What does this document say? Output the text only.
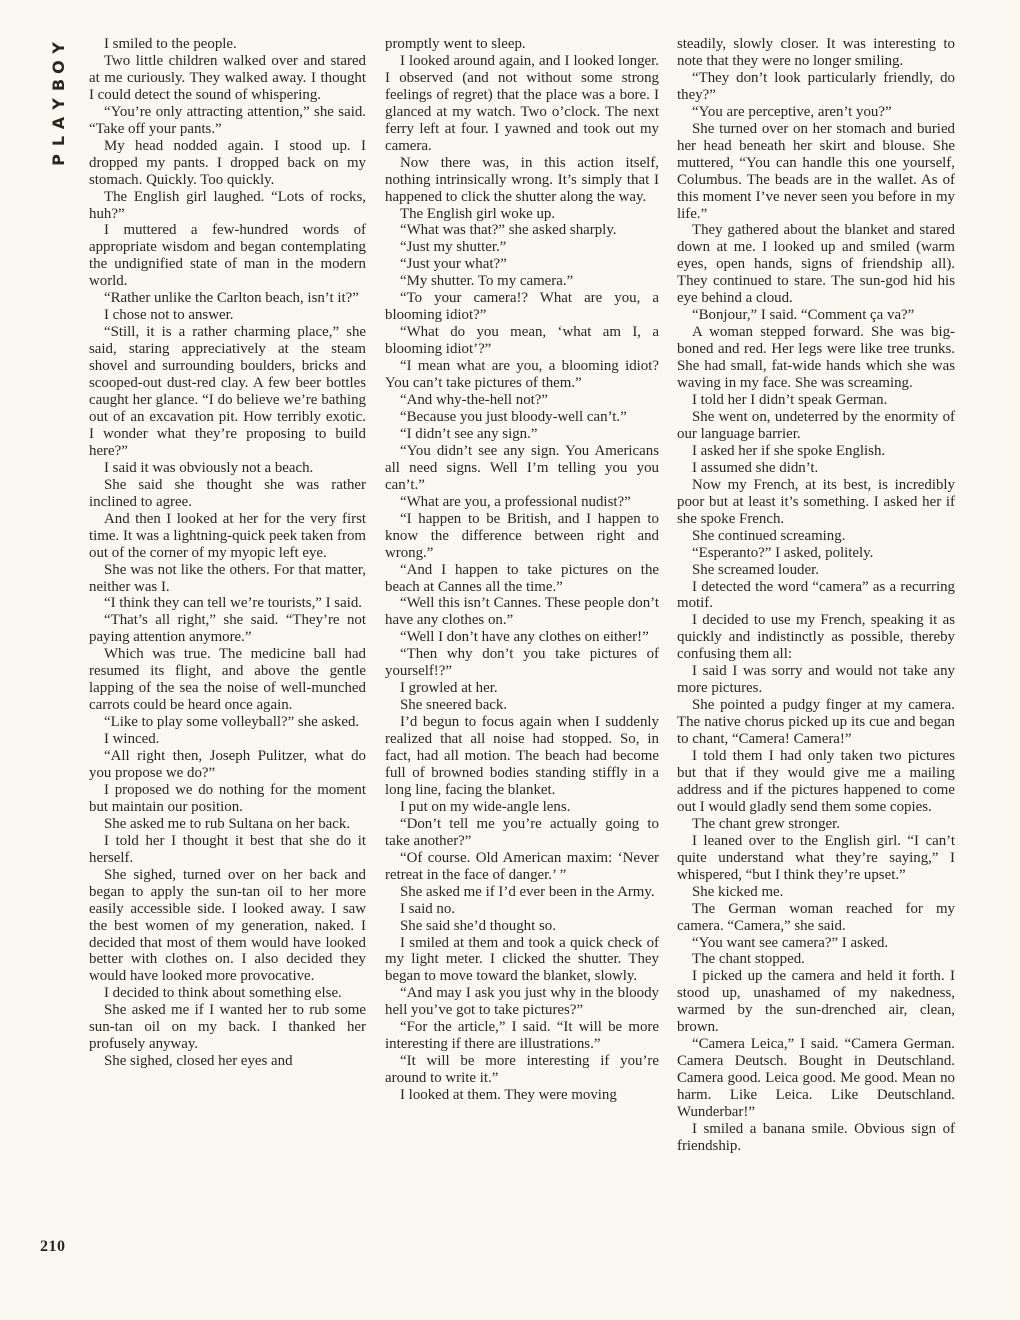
P
L
A
Y
B
O
Y	I smiled to the people.

Two little children walked over and stared at me curiously. They walked away. I thought I could detect the sound of whispering.

“You’re only attracting attention,” she said. “Take off your pants.”

My head nodded again. I stood up. I dropped my pants. I dropped back on my stomach. Quickly. Too quickly.

The English girl laughed. “Lots of rocks, huh?”

I muttered a few-hundred words of appropriate wisdom and began contemplating the undignified state of man in the modern world.

“Rather unlike the Carlton beach, isn’t it?”

I chose not to answer.

“Still, it is a rather charming place,” she said, staring appreciatively at the steam shovel and surrounding boulders, bricks and scooped-out dust-red clay. A few beer bottles caught her glance. “I do believe we’re bathing out of an excavation pit. How terribly exotic. I wonder what they’re proposing to build here?”

I said it was obviously not a beach.

She said she thought she was rather inclined to agree.

And then I looked at her for the very first time. It was a lightning-quick peek taken from out of the corner of my myopic left eye.

She was not like the others. For that matter, neither was I.

“I think they can tell we’re tourists,” I said.

“That’s all right,” she said. “They’re not paying attention anymore.”

Which was true. The medicine ball had resumed its flight, and above the gentle lapping of the sea the noise of well-munched carrots could be heard once again.

“Like to play some volleyball?” she asked.

I winced.

“All right then, Joseph Pulitzer, what do you propose we do?”

I proposed we do nothing for the moment but maintain our position.

She asked me to rub Sultana on her back.

I told her I thought it best that she do it herself.

She sighed, turned over on her back and began to apply the sun-tan oil to her more easily accessible side. I looked away. I saw the best women of my generation, naked. I decided that most of them would have looked better with clothes on. I also decided they would have looked more provocative.

I decided to think about something else.

She asked me if I wanted her to rub some sun-tan oil on my back. I thanked her profusely anyway.

She sighed, closed her eyes and

promptly went to sleep.

I looked around again, and I looked longer. I observed (and not without some strong feelings of regret) that the place was a bore. I glanced at my watch. Two o’clock. The next ferry left at four. I yawned and took out my camera.

Now there was, in this action itself, nothing intrinsically wrong. It’s simply that I happened to click the shutter along the way.

The English girl woke up.

“What was that?” she asked sharply.

“Just my shutter.”

“Just your what?”

“My shutter. To my camera.”

“To your camera!? What are you, a blooming idiot?”

“What do you mean, ‘what am I, a blooming idiot’?”

“I mean what are you, a blooming idiot? You can’t take pictures of them.”

“And why-the-hell not?”

“Because you just bloody-well can’t.”

“I didn’t see any sign.”

“You didn’t see any sign. You Americans all need signs. Well I’m telling you you can’t.”

“What are you, a professional nudist?”

“I happen to be British, and I happen to know the difference between right and wrong.”

“And I happen to take pictures on the beach at Cannes all the time.”

“Well this isn’t Cannes. These people don’t have any clothes on.”

“Well I don’t have any clothes on either!”

“Then why don’t you take pictures of yourself!?”

I growled at her.

She sneered back.

I’d begun to focus again when I suddenly realized that all noise had stopped. So, in fact, had all motion. The beach had become full of browned bodies standing stiffly in a long line, facing the blanket.

I put on my wide-angle lens.

“Don’t tell me you’re actually going to take another?”

“Of course. Old American maxim: ‘Never retreat in the face of danger.’ ”

She asked me if I’d ever been in the Army.

I said no.

She said she’d thought so.

I smiled at them and took a quick check of my light meter. I clicked the shutter. They began to move toward the blanket, slowly.

“And may I ask you just why in the bloody hell you’ve got to take pictures?”

“For the article,” I said. “It will be more interesting if there are illustrations.”

“It will be more interesting if you’re around to write it.”

I looked at them. They were moving

steadily, slowly closer. It was interesting to note that they were no longer smiling.

“They don’t look particularly friendly, do they?”

“You are perceptive, aren’t you?”

She turned over on her stomach and buried her head beneath her skirt and blouse. She muttered, “You can handle this one yourself, Columbus. The beads are in the wallet. As of this moment I’ve never seen you before in my life.”

They gathered about the blanket and stared down at me. I looked up and smiled (warm eyes, open hands, signs of friendship all). They continued to stare. The sun-god hid his eye behind a cloud.

“Bonjour,” I said. “Comment ça va?”

A woman stepped forward. She was big-boned and red. Her legs were like tree trunks. She had small, fat-wide hands which she was waving in my face. She was screaming.

I told her I didn’t speak German.

She went on, undeterred by the enormity of our language barrier.

I asked her if she spoke English.

I assumed she didn’t.

Now my French, at its best, is incredibly poor but at least it’s something. I asked her if she spoke French.

She continued screaming.

“Esperanto?” I asked, politely.

She screamed louder.

I detected the word “camera” as a recurring motif.

I decided to use my French, speaking it as quickly and indistinctly as possible, thereby confusing them all:

I said I was sorry and would not take any more pictures.

She pointed a pudgy finger at my camera. The native chorus picked up its cue and began to chant, “Camera! Camera!”

I told them I had only taken two pictures but that if they would give me a mailing address and if the pictures happened to come out I would gladly send them some copies.

The chant grew stronger.

I leaned over to the English girl. “I can’t quite understand what they’re saying,” I whispered, “but I think they’re upset.”

She kicked me.

The German woman reached for my camera. “Camera,” she said.

“You want see camera?” I asked.

The chant stopped.

I picked up the camera and held it forth. I stood up, unashamed of my nakedness, warmed by the sun-drenched air, clean, brown.

“Camera Leica,” I said. “Camera German. Camera Deutsch. Bought in Deutschland. Camera good. Leica good. Me good. Mean no harm. Like Leica. Like Deutschland. Wunderbar!”

I smiled a banana smile. Obvious sign of friendship.

210
